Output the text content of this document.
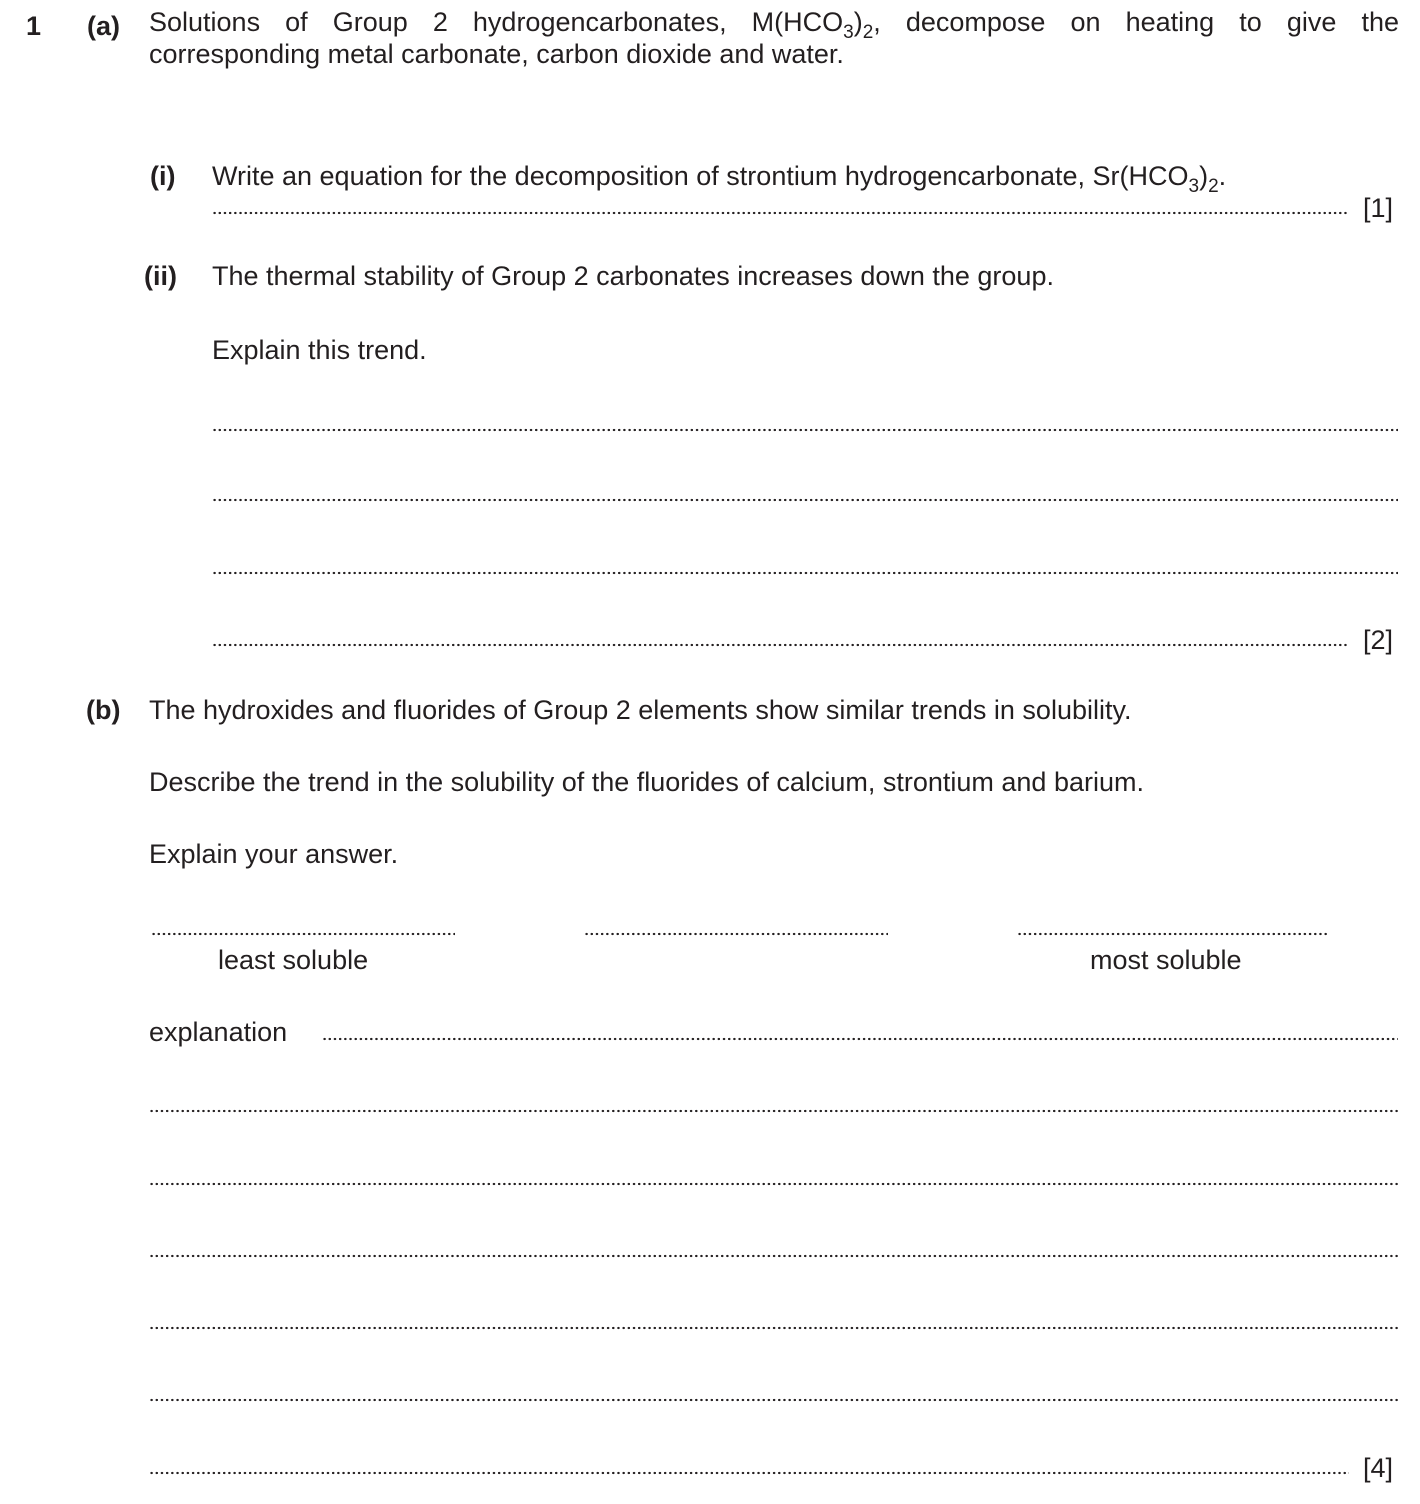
1 (a) Solutions of Group 2 hydrogencarbonates, $M(HCO_3)_2$, decompose on heating to give the
corresponding metal carbonate, carbon dioxide and water.
(i) Write an equation for the decomposition of strontium hydrogencarbonate, $Sr(HCO_3)_2$.
[1]
(ii) The thermal stability of Group 2 carbonates increases down the group.
Explain this trend.
[2]
(b) The hydroxides and fluorides of Group 2 elements show similar trends in solubility.
Describe the trend in the solubility of the fluorides of calcium, strontium and barium.
Explain your answer.
least soluble	most soluble
explanation
[4]
